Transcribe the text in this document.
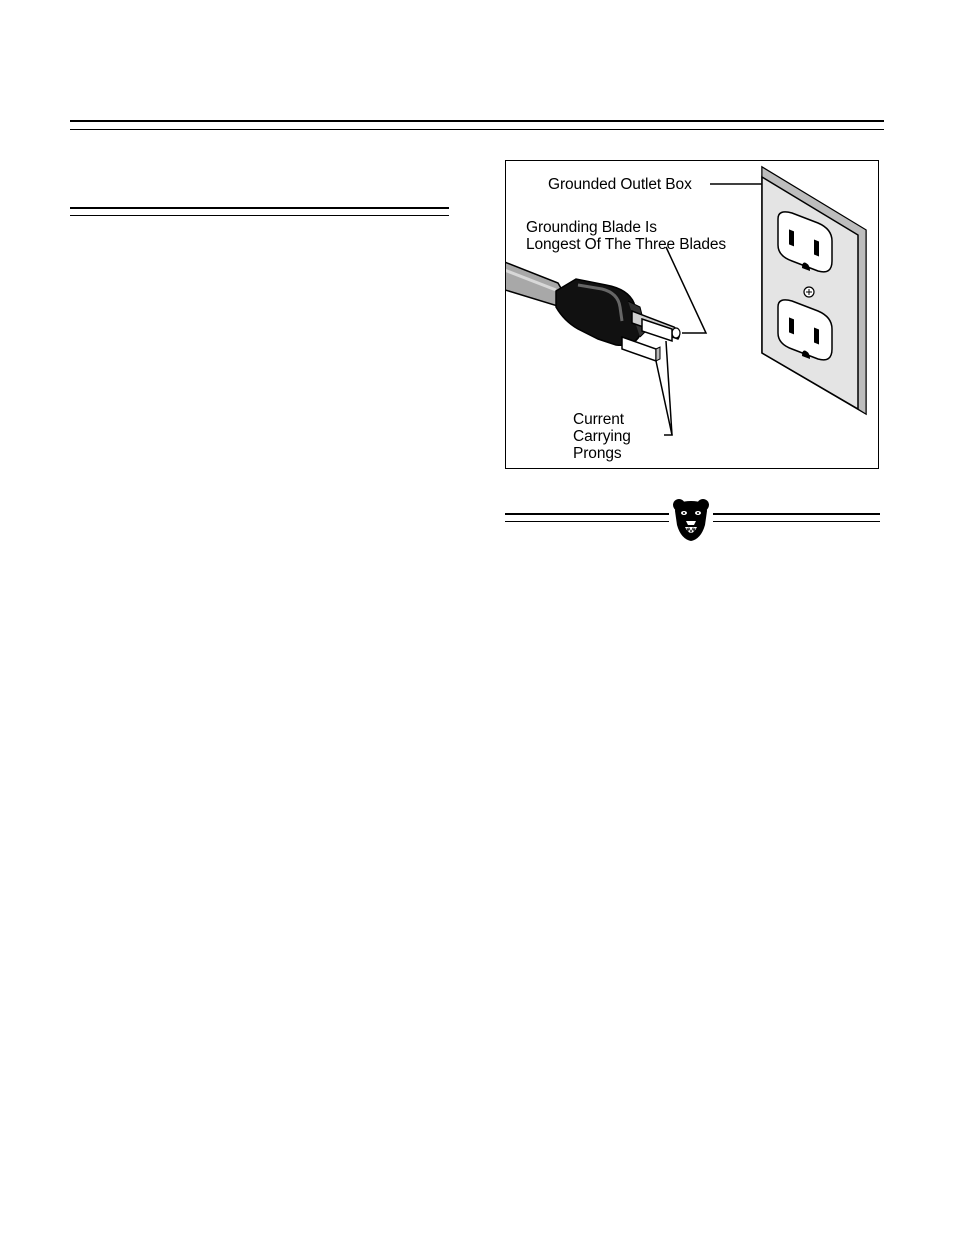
Grounded Outlet Box
Grounding Blade Is
Longest Of The Three Blades
Current
Carrying
Prongs
